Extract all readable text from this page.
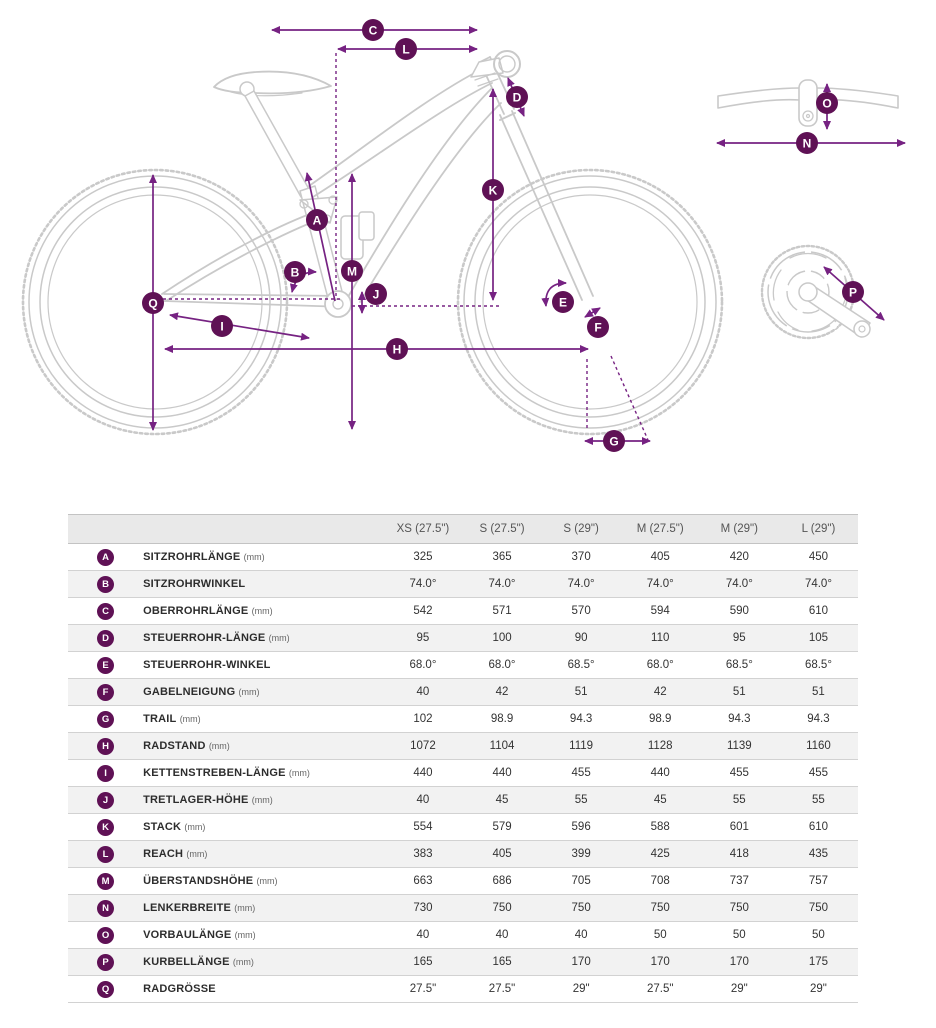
C
L
D
K
A
B	M
J
Q
I
H
E
F
G
O
N
P
		XS (27.5")	S (27.5")	S (29")	M (27.5")	M (29")	L (29")
A	SITZROHRLÄNGE (mm)	325	365	370	405	420	450
B	SITZROHRWINKEL	74.0°	74.0°	74.0°	74.0°	74.0°	74.0°
C	OBERROHRLÄNGE (mm)	542	571	570	594	590	610
D	STEUERROHR-LÄNGE (mm)	95	100	90	110	95	105
E	STEUERROHR-WINKEL	68.0°	68.0°	68.5°	68.0°	68.5°	68.5°
F	GABELNEIGUNG (mm)	40	42	51	42	51	51
G	TRAIL (mm)	102	98.9	94.3	98.9	94.3	94.3
H	RADSTAND (mm)	1072	1104	1119	1128	1139	1160
I	KETTENSTREBEN-LÄNGE (mm)	440	440	455	440	455	455
J	TRETLAGER-HÖHE (mm)	40	45	55	45	55	55
K	STACK (mm)	554	579	596	588	601	610
L	REACH (mm)	383	405	399	425	418	435
M	ÜBERSTANDSHÖHE (mm)	663	686	705	708	737	757
N	LENKERBREITE (mm)	730	750	750	750	750	750
O	VORBAULÄNGE (mm)	40	40	40	50	50	50
P	KURBELLÄNGE (mm)	165	165	170	170	170	175
Q	RADGRÖSSE	27.5"	27.5"	29"	27.5"	29"	29"
